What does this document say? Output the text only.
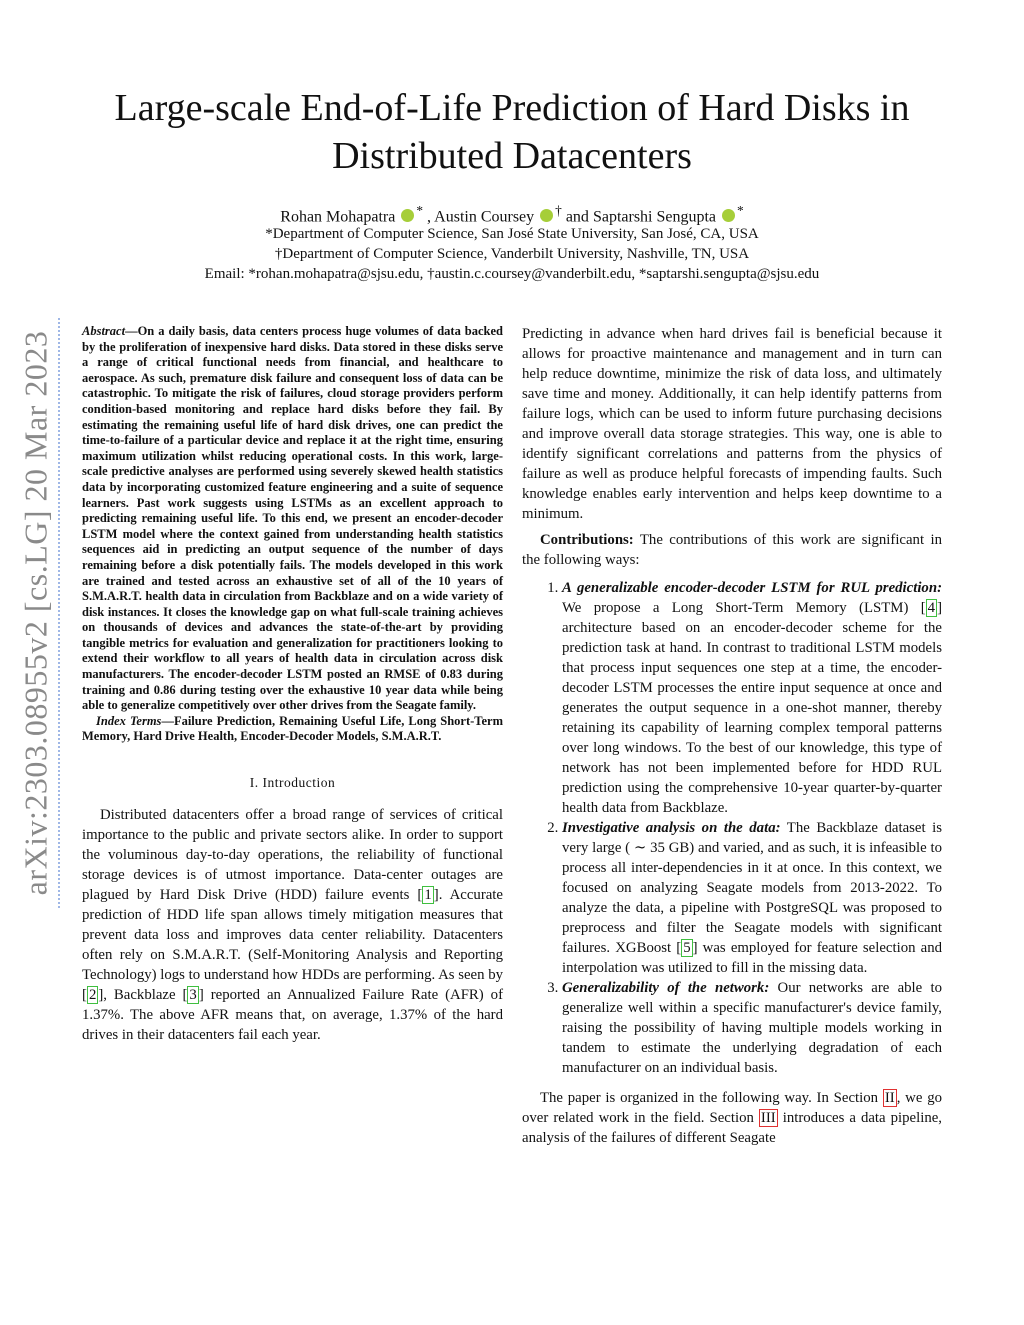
arXiv:2303.08955v2 [cs.LG] 20 Mar 2023
Large-scale End-of-Life Prediction of Hard Disks in Distributed Datacenters
Rohan Mohapatra * , Austin Coursey † and Saptarshi Sengupta *
*Department of Computer Science, San José State University, San José, CA, USA
†Department of Computer Science, Vanderbilt University, Nashville, TN, USA
Email: *rohan.mohapatra@sjsu.edu, †austin.c.coursey@vanderbilt.edu, *saptarshi.sengupta@sjsu.edu

Abstract—On a daily basis, data centers process huge volumes of data backed by the proliferation of inexpensive hard disks. Data stored in these disks serve a range of critical functional needs from financial, and healthcare to aerospace. As such, premature disk failure and consequent loss of data can be catastrophic. To mitigate the risk of failures, cloud storage providers perform condition-based monitoring and replace hard disks before they fail. By estimating the remaining useful life of hard disk drives, one can predict the time-to-failure of a particular device and replace it at the right time, ensuring maximum utilization whilst reducing operational costs. In this work, large-scale predictive analyses are performed using severely skewed health statistics data by incorporating customized feature engineering and a suite of sequence learners. Past work suggests using LSTMs as an excellent approach to predicting remaining useful life. To this end, we present an encoder-decoder LSTM model where the context gained from understanding health statistics sequences aid in predicting an output sequence of the number of days remaining before a disk potentially fails. The models developed in this work are trained and tested across an exhaustive set of all of the 10 years of S.M.A.R.T. health data in circulation from Backblaze and on a wide variety of disk instances. It closes the knowledge gap on what full-scale training achieves on thousands of devices and advances the state-of-the-art by providing tangible metrics for evaluation and generalization for practitioners looking to extend their workflow to all years of health data in circulation across disk manufacturers. The encoder-decoder LSTM posted an RMSE of 0.83 during training and 0.86 during testing over the exhaustive 10 year data while being able to generalize competitively over other drives from the Seagate family.

Index Terms—Failure Prediction, Remaining Useful Life, Long Short-Term Memory, Hard Drive Health, Encoder-Decoder Models, S.M.A.R.T.

I. Introduction

Distributed datacenters offer a broad range of services of critical importance to the public and private sectors alike. In order to support the voluminous day-to-day operations, the reliability of functional storage devices is of utmost importance. Data-center outages are plagued by Hard Disk Drive (HDD) failure events [ 1 ]. Accurate prediction of HDD life span allows timely mitigation measures that prevent data loss and improves data center reliability. Datacenters often rely on S.M.A.R.T. (Self-Monitoring Analysis and Reporting Technology) logs to understand how HDDs are performing. As seen by [ 2 ], Backblaze [ 3 ] reported an Annualized Failure Rate (AFR) of 1.37%. The above AFR means that, on average, 1.37% of the hard drives in their datacenters fail each year.

Predicting in advance when hard drives fail is beneficial because it allows for proactive maintenance and management and in turn can help reduce downtime, minimize the risk of data loss, and ultimately save time and money. Additionally, it can help identify patterns from failure logs, which can be used to inform future purchasing decisions and improve overall data storage strategies. This way, one is able to identify significant correlations and patterns from the physics of failure as well as produce helpful forecasts of impending faults. Such knowledge enables early intervention and helps keep downtime to a minimum.

Contributions: The contributions of this work are significant in the following ways:

1. A generalizable encoder-decoder LSTM for RUL prediction: We propose a Long Short-Term Memory (LSTM) [ 4 ] architecture based on an encoder-decoder scheme for the prediction task at hand. In contrast to traditional LSTM models that process input sequences one step at a time, the encoder-decoder LSTM processes the entire input sequence at once and generates the output sequence in a one-shot manner, thereby retaining its capability of learning complex temporal patterns over long windows. To the best of our knowledge, this type of network has not been implemented before for HDD RUL prediction using the comprehensive 10-year quarter-by-quarter health data from Backblaze.
2. Investigative analysis on the data: The Backblaze dataset is very large ( ∼ 35 GB) and varied, and as such, it is infeasible to process all inter-dependencies in it at once. In this context, we focused on analyzing Seagate models from 2013-2022. To analyze the data, a pipeline with PostgreSQL was proposed to preprocess and filter the Seagate models with significant failures. XGBoost [ 5 ] was employed for feature selection and interpolation was utilized to fill in the missing data.
3. Generalizability of the network: Our networks are able to generalize well within a specific manufacturer's device family, raising the possibility of having multiple models working in tandem to estimate the underlying degradation of each manufacturer on an individual basis.

The paper is organized in the following way. In Section II , we go over related work in the field. Section III introduces a data pipeline, analysis of the failures of different Seagate
